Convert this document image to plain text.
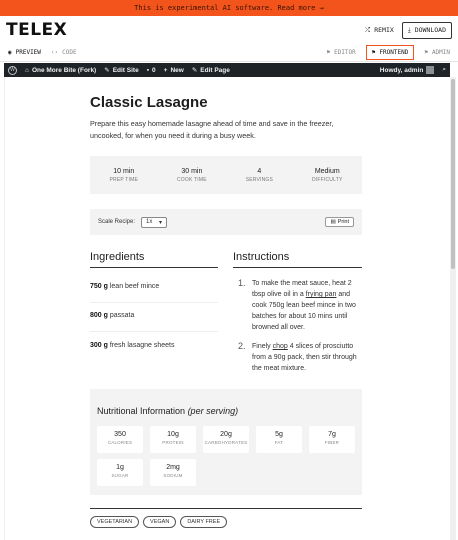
This is experimental AI software. Read more →
TELEX	⤮ REMIX ⤓ DOWNLOAD
◉ PREVIEW ‹› CODE	⚑ EDITOR	⚑ FRONTEND	⚑ ADMIN
W	⌂ One More Bite (Fork) ✎ Edit Site ▪ 0 + New ✎ Edit Page	Howdy, admin	⌕
Classic Lasagne

Prepare this easy homemade lasagne ahead of time and save in the freezer, uncooked, for when you need it during a busy week.

10 min
PREP TIME
30 min
COOK TIME
4
SERVINGS
Medium
DIFFICULTY
Scale Recipe: 1x ▾	▤ Print
Ingredients	Instructions
750 g lean beef mince
800 g passata
300 g fresh lasagne sheets
1. To make the meat sauce, heat 2 tbsp olive oil in a frying pan and cook 750g lean beef mince in two batches for about 10 mins until browned all over.
2. Finely chop 4 slices of prosciutto from a 90g pack, then stir through the meat mixture.
Nutritional Information (per serving)
350
CALORIES
10g
PROTEIN
20g
CARBOHYDRATES
5g
FAT
7g
FIBER
1g
SUGAR
2mg
SODIUM
VEGETARIAN	VEGAN	DAIRY FREE
